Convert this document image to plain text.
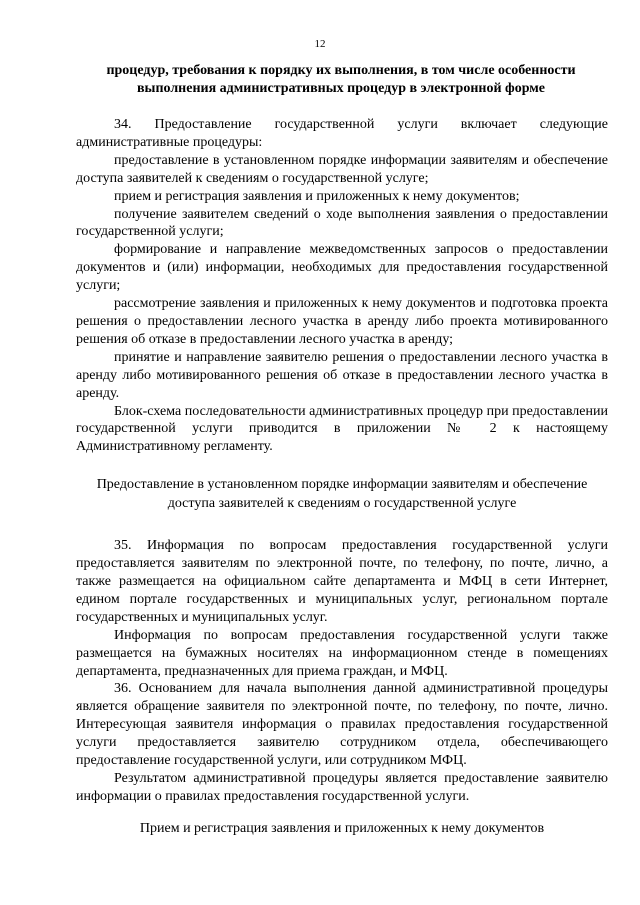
12
процедур, требования к порядку их выполнения, в том числе особенности выполнения административных процедур в электронной форме

34. Предоставление государственной услуги включает следующие административные процедуры:

предоставление в установленном порядке информации заявителям и обеспечение доступа заявителей к сведениям о государственной услуге;

прием и регистрация заявления и приложенных к нему документов;

получение заявителем сведений о ходе выполнения заявления о предоставлении государственной услуги;

формирование и направление межведомственных запросов о предоставлении документов и (или) информации, необходимых для предоставления государственной услуги;

рассмотрение заявления и приложенных к нему документов и подготовка проекта решения о предоставлении лесного участка в аренду либо проекта мотивированного решения об отказе в предоставлении лесного участка в аренду;

принятие и направление заявителю решения о предоставлении лесного участка в аренду либо мотивированного решения об отказе в предоставлении лесного участка в аренду.

Блок-схема последовательности административных процедур при предоставлении государственной услуги приводится в приложении № 2 к настоящему Административному регламенту.

Предоставление в установленном порядке информации заявителям и обеспечение доступа заявителей к сведениям о государственной услуге

35. Информация по вопросам предоставления государственной услуги предоставляется заявителям по электронной почте, по телефону, по почте, лично, а также размещается на официальном сайте департамента и МФЦ в сети Интернет, едином портале государственных и муниципальных услуг, региональном портале государственных и муниципальных услуг.

Информация по вопросам предоставления государственной услуги также размещается на бумажных носителях на информационном стенде в помещениях департамента, предназначенных для приема граждан, и МФЦ.

36. Основанием для начала выполнения данной административной процедуры является обращение заявителя по электронной почте, по телефону, по почте, лично. Интересующая заявителя информация о правилах предоставления государственной услуги предоставляется заявителю сотрудником отдела, обеспечивающего предоставление государственной услуги, или сотрудником МФЦ.

Результатом административной процедуры является предоставление заявителю информации о правилах предоставления государственной услуги.

Прием и регистрация заявления и приложенных к нему документов
